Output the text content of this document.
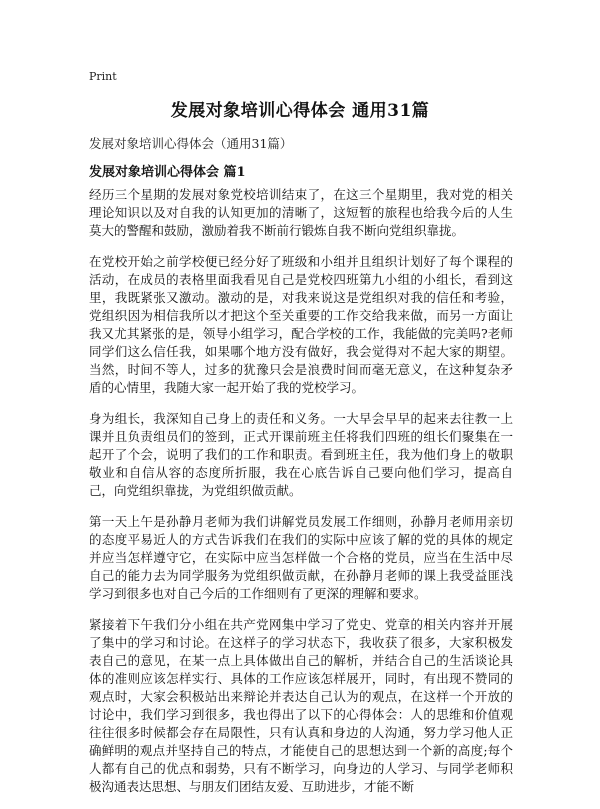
Print
发展对象培训心得体会 通用31篇
发展对象培训心得体会（通用31篇）
发展对象培训心得体会 篇1

经历三个星期的发展对象党校培训结束了，在这三个星期里，我对党的相关理论知识以及对自我的认知更加的清晰了，这短暂的旅程也给我今后的人生莫大的警醒和鼓励，激励着我不断前行锻炼自我不断向党组织靠拢。

在党校开始之前学校便已经分好了班级和小组并且组织计划好了每个课程的活动，在成员的表格里面我看见自己是党校四班第九小组的小组长，看到这里，我既紧张又激动。激动的是，对我来说这是党组织对我的信任和考验，党组织因为相信我所以才把这个至关重要的工作交给我来做，而另一方面让我又尤其紧张的是，领导小组学习，配合学校的工作，我能做的完美吗?老师同学们这么信任我，如果哪个地方没有做好，我会觉得对不起大家的期望。当然，时间不等人，过多的犹豫只会是浪费时间而毫无意义，在这种复杂矛盾的心情里，我随大家一起开始了我的党校学习。

身为组长，我深知自己身上的责任和义务。一大早会早早的起来去往教一上课并且负责组员们的签到，正式开课前班主任将我们四班的组长们聚集在一起开了个会，说明了我们的工作和职责。看到班主任，我为他们身上的敬职敬业和自信从容的态度所折服，我在心底告诉自己要向他们学习，提高自己，向党组织靠拢，为党组织做贡献。

第一天上午是孙静月老师为我们讲解党员发展工作细则，孙静月老师用亲切的态度平易近人的方式告诉我们在我们的实际中应该了解的党的具体的规定并应当怎样遵守它，在实际中应当怎样做一个合格的党员，应当在生活中尽自己的能力去为同学服务为党组织做贡献，在孙静月老师的课上我受益匪浅学习到很多也对自己今后的工作细则有了更深的理解和要求。

紧接着下午我们分小组在共产党网集中学习了党史、党章的相关内容并开展了集中的学习和讨论。在这样子的学习状态下，我收获了很多，大家积极发表自己的意见，在某一点上具体做出自己的解析，并结合自己的生活谈论具体的准则应该怎样实行、具体的工作应该怎样展开，同时，有出现不赞同的观点时，大家会积极站出来辩论并表达自己认为的观点，在这样一个开放的讨论中，我们学习到很多，我也得出了以下的心得体会：人的思维和价值观往往很多时候都会存在局限性，只有认真和身边的人沟通，努力学习他人正确鲜明的观点并坚持自己的特点，才能使自己的思想达到一个新的高度;每个人都有自己的优点和弱势，只有不断学习，向身边的人学习、与同学老师积极沟通表达思想、与朋友们团结友爱、互助进步，才能不断
